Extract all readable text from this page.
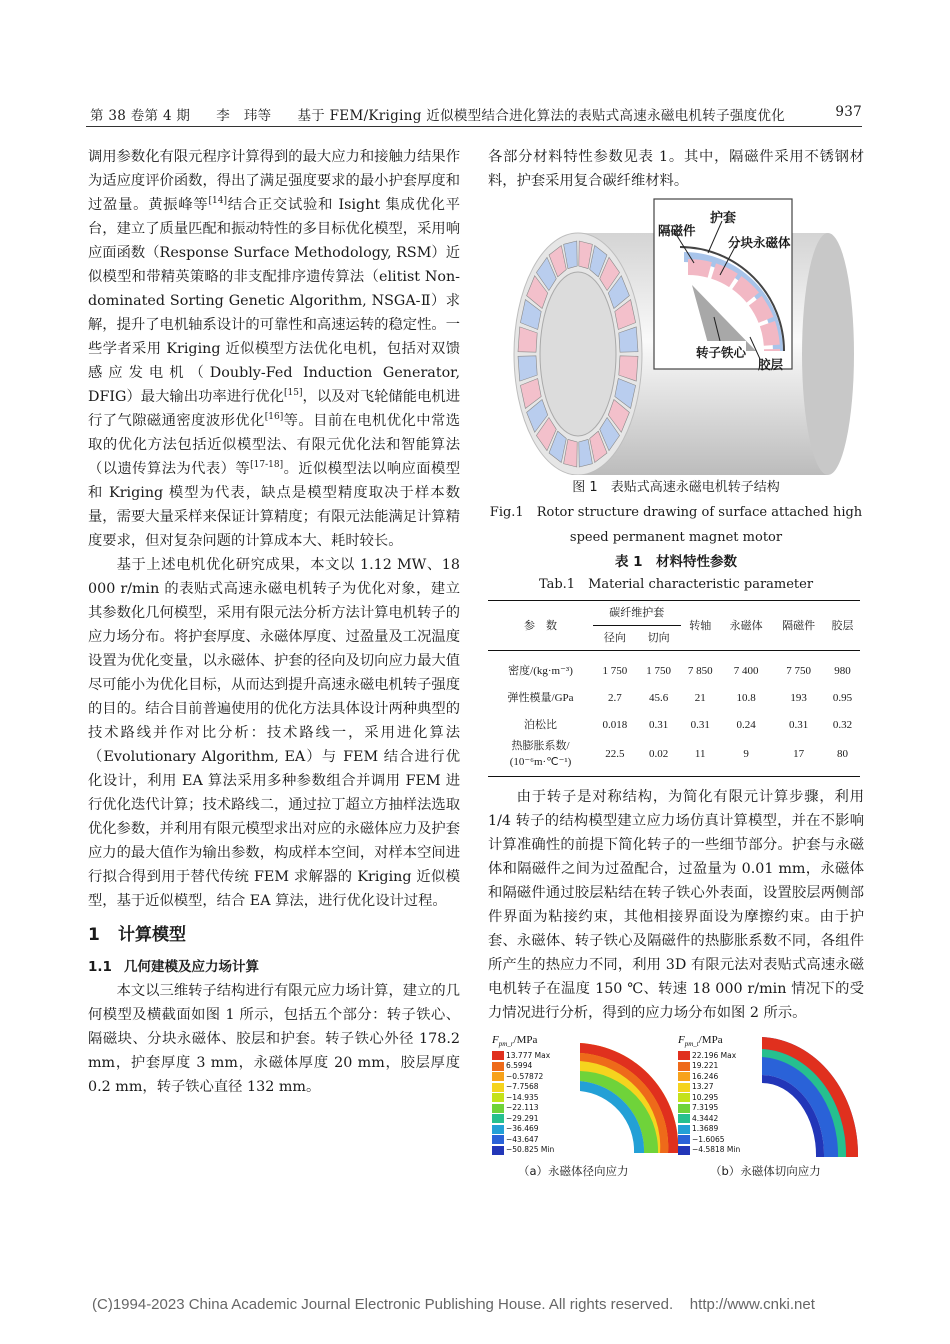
第 38 卷第 4 期 李　玮等 基于 FEM/Kriging 近似模型结合进化算法的表贴式高速永磁电机转子强度优化	937

调用参数化有限元程序计算得到的最大应力和接触力结果作为适应度评价函数，得出了满足强度要求的最小护套厚度和过盈量。黄振峰等[14]结合正交试验和 Isight 集成优化平台，建立了质量匹配和振动特性的多目标优化模型，采用响应面函数（Response Surface Methodology, RSM）近似模型和带精英策略的非支配排序遗传算法（elitist Non-dominated Sorting Genetic Algorithm, NSGA-Ⅱ）求解，提升了电机轴系设计的可靠性和高速运转的稳定性。一些学者采用 Kriging 近似模型方法优化电机，包括对双馈感应发电机（Doubly-Fed Induction Generator, DFIG）最大输出功率进行优化[15]，以及对飞轮储能电机进行了气隙磁通密度波形优化[16]等。目前在电机优化中常选取的优化方法包括近似模型法、有限元优化法和智能算法（以遗传算法为代表）等[17-18]。近似模型法以响应面模型和 Kriging 模型为代表，缺点是模型精度取决于样本数量，需要大量采样来保证计算精度；有限元法能满足计算精度要求，但对复杂问题的计算成本大、耗时较长。

基于上述电机优化研究成果，本文以 1.12 MW、18 000 r/min 的表贴式高速永磁电机转子为优化对象，建立其参数化几何模型，采用有限元法分析方法计算电机转子的应力场分布。将护套厚度、永磁体厚度、过盈量及工况温度设置为优化变量，以永磁体、护套的径向及切向应力最大值尽可能小为优化目标，从而达到提升高速永磁电机转子强度的目的。结合目前普遍使用的优化方法具体设计两种典型的技术路线并作对比分析：技术路线一，采用进化算法（Evolutionary Algorithm, EA）与 FEM 结合进行优化设计，利用 EA 算法采用多种参数组合并调用 FEM 进行优化迭代计算；技术路线二，通过拉丁超立方抽样法选取优化参数，并利用有限元模型求出对应的永磁体应力及护套应力的最大值作为输出参数，构成样本空间，对样本空间进行拟合得到用于替代传统 FEM 求解器的 Kriging 近似模型，基于近似模型，结合 EA 算法，进行优化设计过程。

1 计算模型
1.1 几何建模及应力场计算

本文以三维转子结构进行有限元应力场计算，建立的几何模型及横截面如图 1 所示，包括五个部分：转子铁心、隔磁块、分块永磁体、胶层和护套。转子铁心外径 178.2 mm，护套厚度 3 mm，永磁体厚度 20 mm，胶层厚度 0.2 mm，转子铁心直径 132 mm。

各部分材料特性参数见表 1。其中，隔磁件采用不锈钢材料，护套采用复合碳纤维材料。

护套
隔磁件
分块永磁体
转子铁心
胶层
图 1　表贴式高速永磁电机转子结构
Fig.1　Rotor structure drawing of surface attached high
speed permanent magnet motor
表 1　材料特性参数
Tab.1　Material characteristic parameter
参　数	碳纤维护套		转轴	永磁体	隔磁件	胶层
	径向	切向				
密度/(kg·m⁻³)	1 750	1 750	7 850	7 400	7 750	980
弹性模量/GPa	2.7	45.6	21	10.8	193	0.95
泊松比	0.018	0.31	0.31	0.24	0.31	0.32

热膨胀系数/
(10⁻⁶m·℃⁻¹)	22.5	0.02	11	9	17	80

由于转子是对称结构，为简化有限元计算步骤，利用 1/4 转子的结构模型建立应力场仿真计算模型，并在不影响计算准确性的前提下简化转子的一些细节部分。护套与永磁体和隔磁件之间为过盈配合，过盈量为 0.01 mm，永磁体和隔磁件通过胶层粘结在转子铁心外表面，设置胶层两侧部件界面为粘接约束，其他相接界面设为摩擦约束。由于护套、永磁体、转子铁心及隔磁件的热膨胀系数不同，各组件所产生的热应力不同，利用 3D 有限元法对表贴式高速永磁电机转子在温度 150 ℃、转速 18 000 r/min 情况下的受力情况进行分析，得到的应力场分布如图 2 所示。

$F_{pm\_r}$/MPa
13.777 Max
6.5994
−0.57872
−7.7568
−14.935
−22.113
−29.291
−36.469
−43.647
−50.825 Min
$F_{pm\_t}$/MPa
22.196 Max
19.221
16.246
13.27
10.295
7.3195
4.3442
1.3689
−1.6065
−4.5818 Min
（a）永磁体径向应力	（b）永磁体切向应力
(C)1994-2023 China Academic Journal Electronic Publishing House. All rights reserved.    http://www.cnki.net
